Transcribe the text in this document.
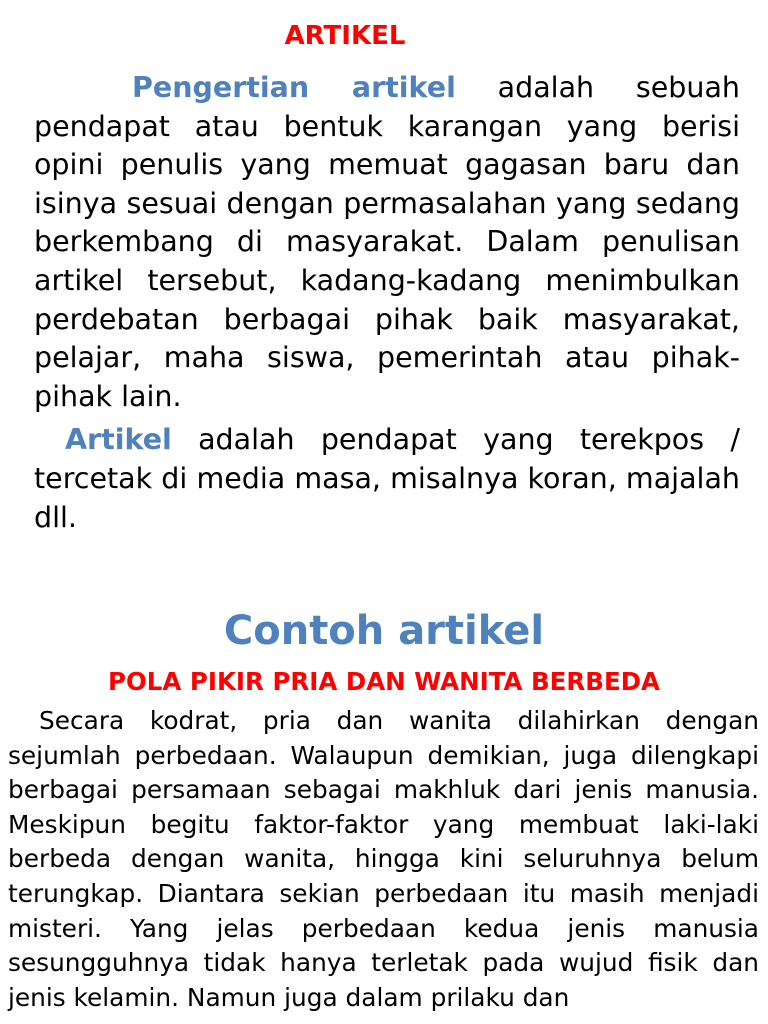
ARTIKEL

Pengertian artikel adalah sebuah pendapat atau bentuk karangan yang berisi opini penulis yang memuat gagasan baru dan isinya sesuai dengan permasalahan yang sedang berkembang di masyarakat. Dalam penulisan artikel tersebut, kadang-kadang menimbulkan perdebatan berbagai pihak baik masyarakat, pelajar, maha siswa, pemerintah atau pihak-pihak lain.

Artikel adalah pendapat yang terekpos / tercetak di media masa, misalnya koran, majalah dll.

Contoh artikel
POLA PIKIR PRIA DAN WANITA BERBEDA

Secara kodrat, pria dan wanita dilahirkan dengan sejumlah perbedaan. Walaupun demikian, juga dilengkapi berbagai persamaan sebagai makhluk dari jenis manusia. Meskipun begitu faktor-faktor yang membuat laki-laki berbeda dengan wanita, hingga kini seluruhnya belum terungkap. Diantara sekian perbedaan itu masih menjadi misteri. Yang jelas perbedaan kedua jenis manusia sesungguhnya tidak hanya terletak pada wujud fisik dan jenis kelamin. Namun juga dalam prilaku dan
